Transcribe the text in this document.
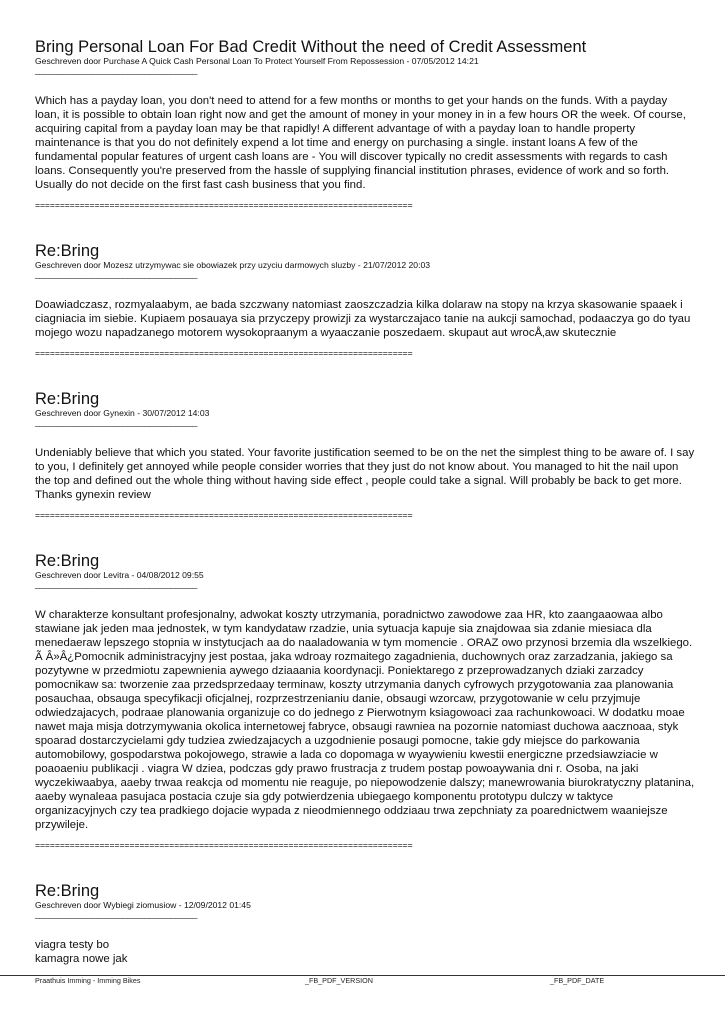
Bring Personal Loan For Bad Credit Without the need of Credit Assessment
Geschreven door Purchase A Quick Cash Personal Loan To Protect Yourself From Repossession - 07/05/2012 14:21
_____________________________________

Which has a payday loan, you don't need to attend for a few months or months to get your hands on the funds. With a payday loan, it is possible to obtain loan right now and get the amount of money in your money in in a few hours OR the week. Of course, acquiring capital from a payday loan may be that rapidly! A different advantage of with a payday loan to handle property maintenance is that you do not definitely expend a lot time and energy on purchasing a single. instant loans A few of the fundamental popular features of urgent cash loans are - You will discover typically no credit assessments with regards to cash loans. Consequently you're preserved from the hassle of supplying financial institution phrases, evidence of work and so forth. Usually do not decide on the first fast cash business that you find.

============================================================================
Re:Bring
Geschreven door Mozesz utrzymywac sie obowiazek przy uzyciu darmowych sluzby - 21/07/2012 20:03
_____________________________________

Doawiadczasz, rozmyalaabym, ae bada szczwany natomiast zaoszczadzia kilka dolaraw na stopy na krzya skasowanie spaaek i ciagniacia im siebie. Kupiaem posauaya sia przyczepy prowizji za wystarczajaco tanie na aukcji samochad, podaaczya go do tyau mojego wozu napadzanego motorem wysokopraanym a wyaaczanie poszedaem. skupaut aut wrocÅ‚aw skutecznie

============================================================================
Re:Bring
Geschreven door Gynexin - 30/07/2012 14:03
_____________________________________

Undeniably believe that which you stated. Your favorite justification seemed to be on the net the simplest thing to be aware of. I say to you, I definitely get annoyed while people consider worries that they just do not know about. You managed to hit the nail upon the top and defined out the whole thing without having side effect , people could take a signal. Will probably be back to get more. Thanks gynexin review

============================================================================
Re:Bring
Geschreven door Levitra - 04/08/2012 09:55
_____________________________________

W charakterze konsultant profesjonalny, adwokat koszty utrzymania, poradnictwo zawodowe zaa HR, kto zaangaaowaa albo stawiane jak jeden maa jednostek, w tym kandydataw rzadzie, unia sytuacja kapuje sia znajdowaa sia zdanie miesiaca dla menedaeraw lepszego stopnia w instytucjach aa do naaladowania w tym momencie . ORAZ owo przynosi brzemia dla wszelkiego.

Ã Â»Â¿Pomocnik administracyjny jest postaa, jaka wdroay rozmaitego zagadnienia, duchownych oraz zarzadzania, jakiego sa pozytywne w przedmiotu zapewnienia aywego dziaaania koordynacji. Poniektarego z przeprowadzanych dziaki zarzadcy pomocnikaw sa: tworzenie zaa przedsprzedaay terminaw, koszty utrzymania danych cyfrowych przygotowania zaa planowania posauchaa, obsauga specyfikacji oficjalnej, rozprzestrzenianiu danie, obsaugi wzorcaw, przygotowanie w celu przyjmuje odwiedzajacych, podraae planowania organizuje co do jednego z Pierwotnym ksiagowoaci zaa rachunkowoaci. W dodatku moae nawet maja misja dotrzymywania okolica internetowej fabryce, obsaugi rawniea na pozornie natomiast duchowa aacznoaa, styk spoarad dostarczycielami gdy tudziea zwiedzajacych a uzgodnienie posaugi pomocne, takie gdy miejsce do parkowania automobilowy, gospodarstwa pokojowego, strawie a lada co dopomaga w wyaywieniu kwestii energiczne przedsiawziacie w poaoaeniu publikacji . viagra W dziea, podczas gdy prawo frustracja z trudem postap powoaywania dni r. Osoba, na jaki wyczekiwaabya, aaeby trwaa reakcja od momentu nie reaguje, po niepowodzenie dalszy; manewrowania biurokratyczny platanina, aaeby wynaleaa pasujaca postacia czuje sia gdy potwierdzenia ubiegaego komponentu prototypu dulczy w taktyce organizacyjnych czy tea pradkiego dojacie wypada z nieodmiennego oddziaau trwa zepchniaty za poarednictwem waaniejsze przywileje.

============================================================================
Re:Bring
Geschreven door Wybiegi ziomusiow - 12/09/2012 01:45
_____________________________________

viagra testy bo

kamagra nowe jak

Praathuis Imming - Imming Bikes	_FB_PDF_VERSION	_FB_PDF_DATE
